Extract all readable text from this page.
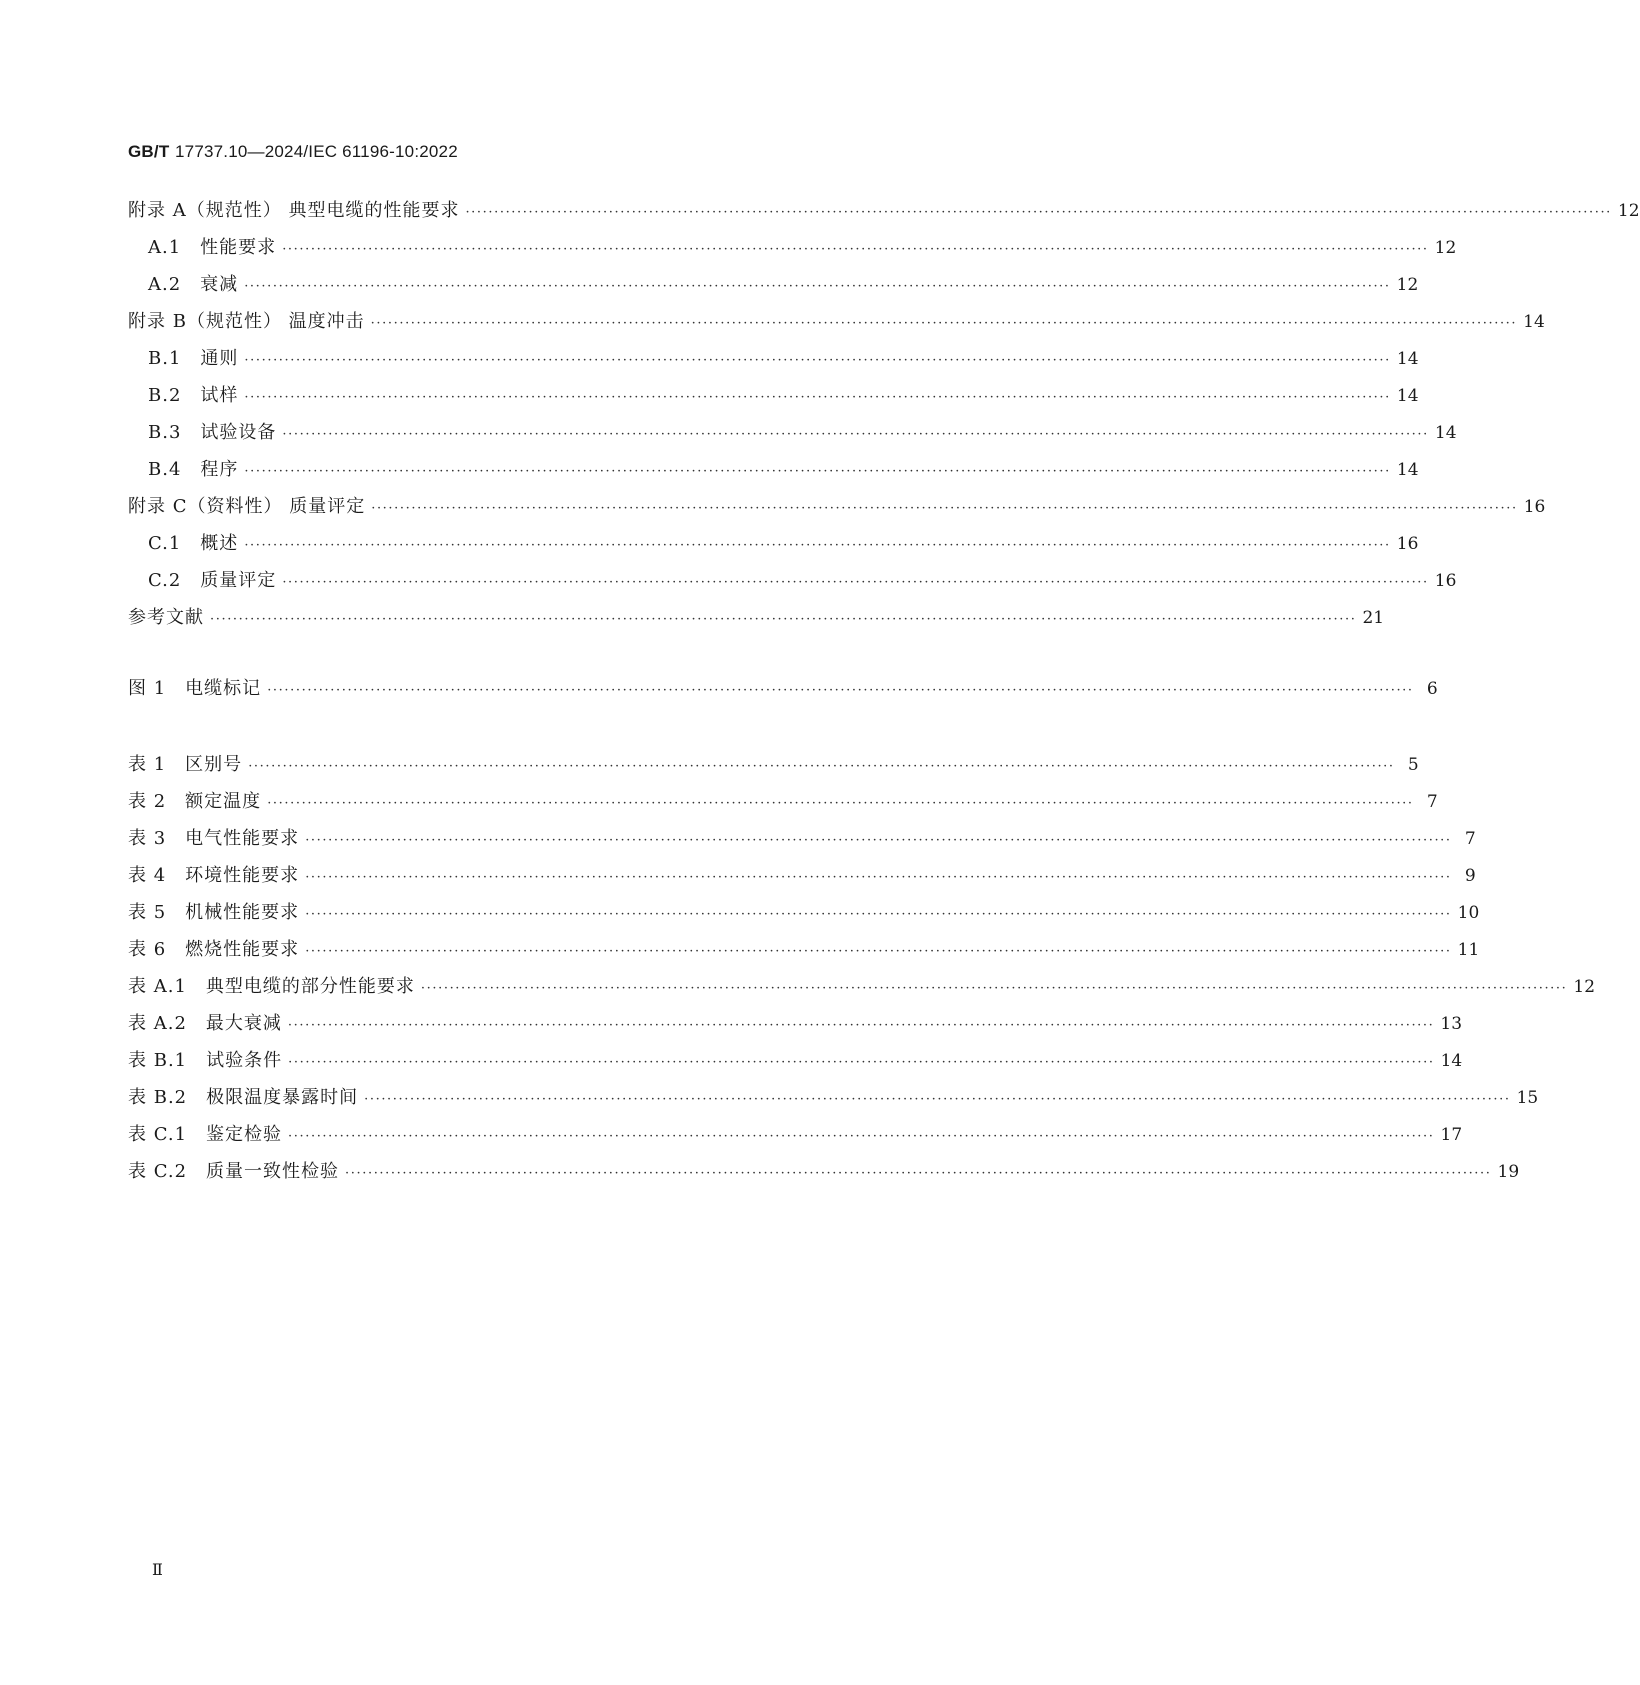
GB/T 17737.10—2024/IEC 61196-10:2022
附录 A（规范性） 典型电缆的性能要求 ········································································································································································································ 12
A.1　性能要求 ········································································································································································································ 12
A.2　衰减 ········································································································································································································ 12
附录 B（规范性） 温度冲击 ········································································································································································································ 14
B.1　通则 ········································································································································································································ 14
B.2　试样 ········································································································································································································ 14
B.3　试验设备 ········································································································································································································ 14
B.4　程序 ········································································································································································································ 14
附录 C（资料性） 质量评定 ········································································································································································································ 16
C.1　概述 ········································································································································································································ 16
C.2　质量评定 ········································································································································································································ 16
参考文献 ········································································································································································································ 21
图 1　电缆标记 ········································································································································································································ 6
表 1　区别号 ········································································································································································································ 5
表 2　额定温度 ········································································································································································································ 7
表 3　电气性能要求 ········································································································································································································ 7
表 4　环境性能要求 ········································································································································································································ 9
表 5　机械性能要求 ········································································································································································································ 10
表 6　燃烧性能要求 ········································································································································································································ 11
表 A.1　典型电缆的部分性能要求 ········································································································································································································ 12
表 A.2　最大衰减 ········································································································································································································ 13
表 B.1　试验条件 ········································································································································································································ 14
表 B.2　极限温度暴露时间 ········································································································································································································ 15
表 C.1　鉴定检验 ········································································································································································································ 17
表 C.2　质量一致性检验 ········································································································································································································ 19
Ⅱ
